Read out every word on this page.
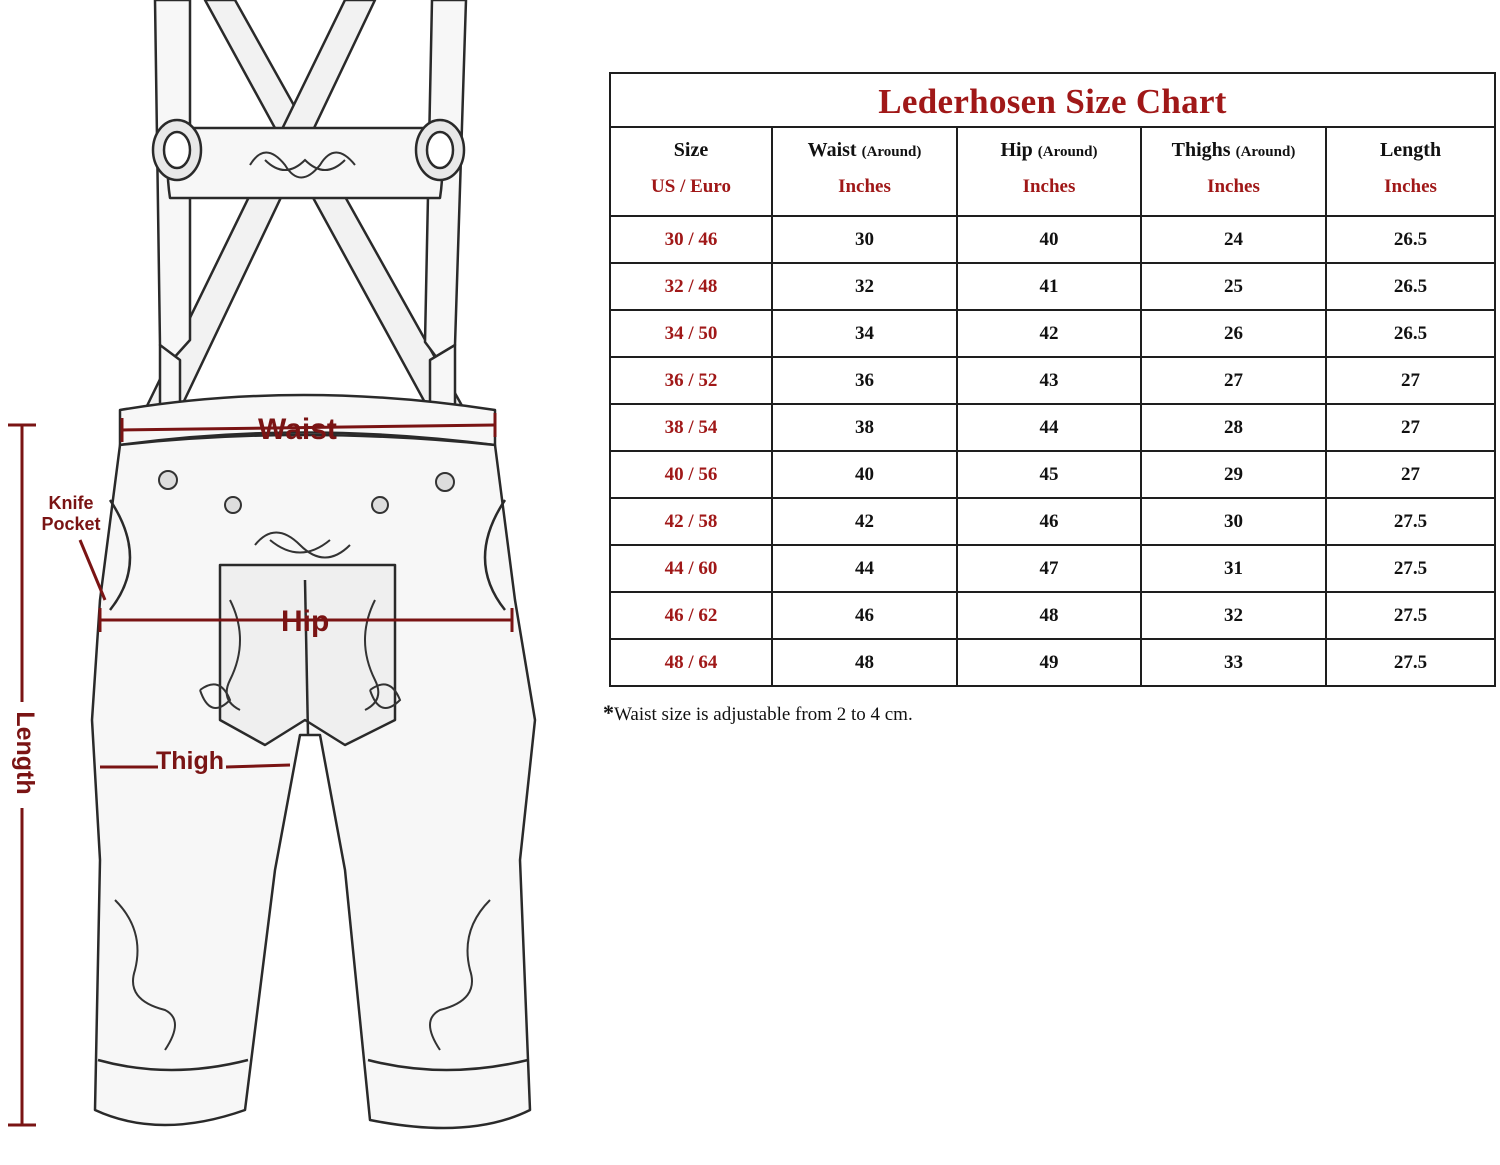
Waist

Hip

Thigh

Knife
Pocket

Length

Lederhosen Size Chart				
Size	Waist (Around)	Hip (Around)	Thighs (Around)	Length
US / Euro	Inches	Inches	Inches	Inches
30 / 46	30	40	24	26.5
32 / 48	32	41	25	26.5
34 / 50	34	42	26	26.5
36 / 52	36	43	27	27
38 / 54	38	44	28	27
40 / 56	40	45	29	27
42 / 58	42	46	30	27.5
44 / 60	44	47	31	27.5
46 / 62	46	48	32	27.5
48 / 64	48	49	33	27.5

*Waist size is adjustable from 2 to 4 cm.
